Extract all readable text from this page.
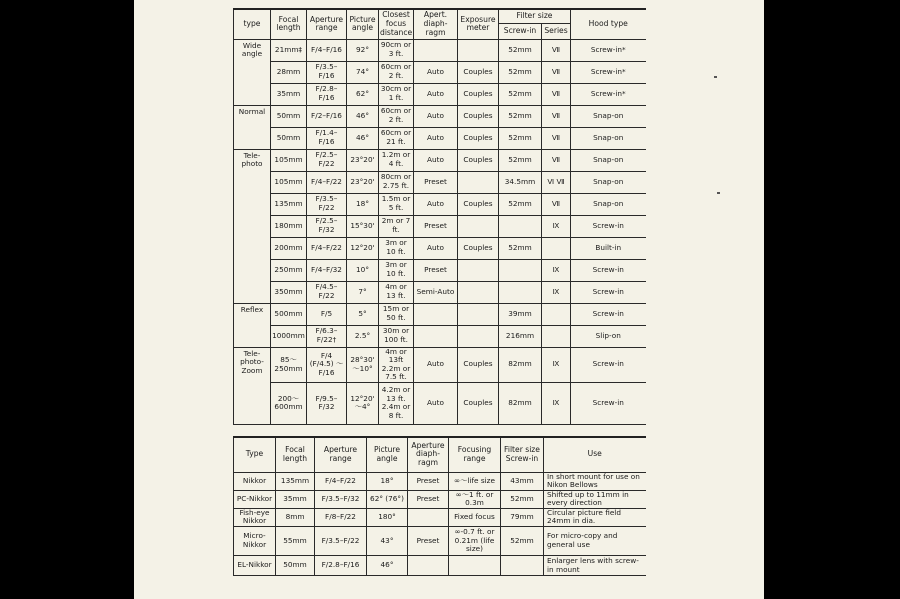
type	Focal length	Aperture range	Picture angle	Closest focus distance	Apert. diaph-ragm	Exposure meter	Filter size		Hood type
							Screw-in	Series	
Wide angle	21mm‡	F/4–F/16	92°	90cm or 3 ft.			52mm	Ⅶ	Screw-in*
	28mm	F/3.5–F/16	74°	60cm or 2 ft.	Auto	Couples	52mm	Ⅶ	Screw-in*
	35mm	F/2.8–F/16	62°	30cm or 1 ft.	Auto	Couples	52mm	Ⅶ	Screw-in*
Normal	50mm	F/2–F/16	46°	60cm or 2 ft.	Auto	Couples	52mm	Ⅶ	Snap-on
	50mm	F/1.4–F/16	46°	60cm or 21 ft.	Auto	Couples	52mm	Ⅶ	Snap-on
Tele-photo	105mm	F/2.5–F/22	23°20'	1.2m or 4 ft.	Auto	Couples	52mm	Ⅶ	Snap-on
	105mm	F/4–F/22	23°20'	80cm or 2.75 ft.	Preset		34.5mm	Ⅵ Ⅶ	Snap-on
	135mm	F/3.5–F/22	18°	1.5m or 5 ft.	Auto	Couples	52mm	Ⅶ	Snap-on
	180mm	F/2.5–F/32	15°30'	2m or 7 ft.	Preset			Ⅸ	Screw-in
	200mm	F/4–F/22	12°20'	3m or 10 ft.	Auto	Couples	52mm		Built-in
	250mm	F/4–F/32	10°	3m or 10 ft.	Preset			Ⅸ	Screw-in
	350mm	F/4.5–F/22	7°	4m or 13 ft.	Semi-Auto			Ⅸ	Screw-in
Reflex	500mm	F/5	5°	15m or 50 ft.			39mm		Screw-in
	1000mm	F/6.3–F/22†	2.5°	30m or 100 ft.			216mm		Slip-on
Tele-photo-Zoom	85～250mm	F/4 (F/4.5) ～F/16	28°30' ～10°	4m or 13ft 2.2m or 7.5 ft.	Auto	Couples	82mm	Ⅸ	Screw-in
	200～600mm	F/9.5–F/32	12°20' ～4°	4.2m or 13 ft. 2.4m or 8 ft.	Auto	Couples	82mm	Ⅸ	Screw-in
Type	Focal length	Aperture range	Picture angle	Aperture diaph-ragm	Focusing range	Filter size Screw-in	Use
Nikkor	135mm	F/4–F/22	18°	Preset	∞～life size	43mm	In short mount for use on Nikon Bellows
PC-Nikkor	35mm	F/3.5–F/32	62° (76°)	Preset	∞～1 ft. or 0.3m	52mm	Shifted up to 11mm in every direction
Fish-eye Nikkor	8mm	F/8–F/22	180°		Fixed focus	79mm	Circular picture field 24mm in dia.
Micro-Nikkor	55mm	F/3.5–F/22	43°	Preset	∞-0.7 ft. or 0.21m (life size)	52mm	For micro-copy and general use
EL-Nikkor	50mm	F/2.8–F/16	46°				Enlarger lens with screw-in mount
